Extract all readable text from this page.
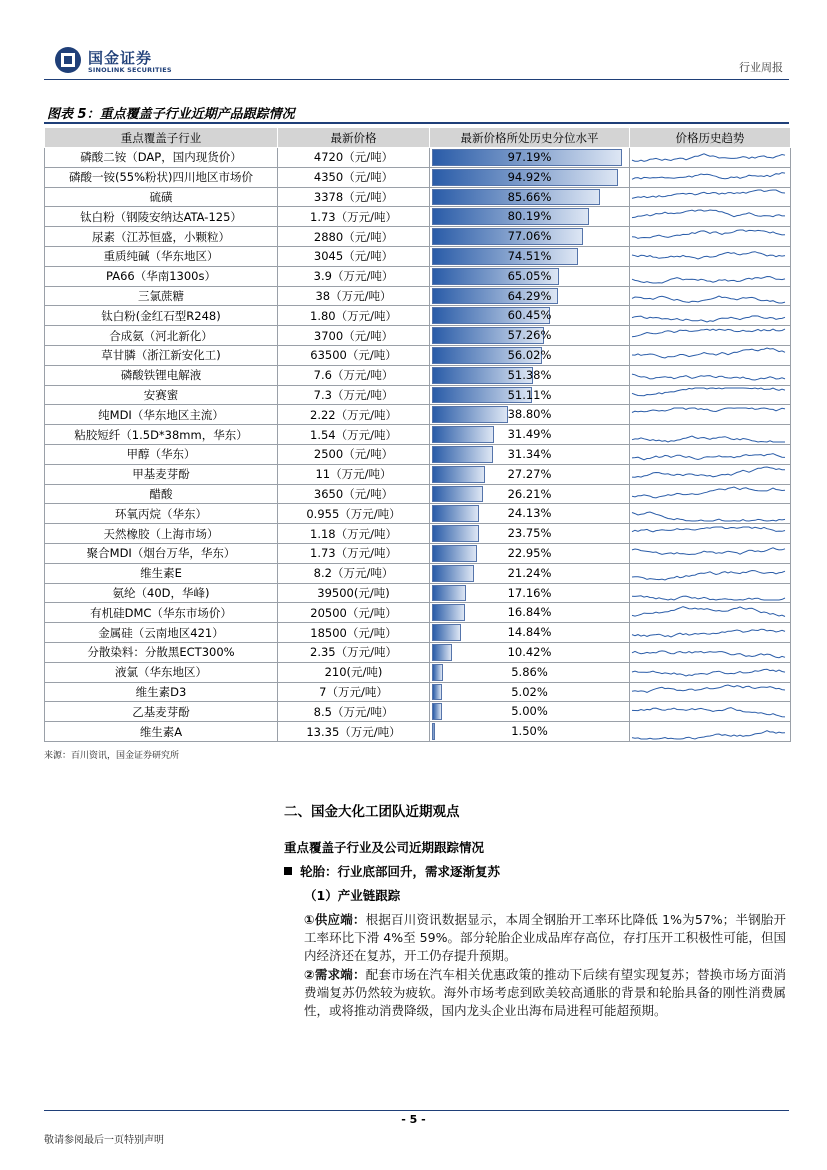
国金证券
SINOLINK SECURITIES	行业周报
图表 5：重点覆盖子行业近期产品跟踪情况
重点覆盖子行业	最新价格	最新价格所处历史分位水平	价格历史趋势
磷酸二铵（DAP，国内现货价）	4720（元/吨）	97.19%

磷酸一铵(55%粉状)四川地区市场价	4350（元/吨）	94.92%

硫磺	3378（元/吨）	85.66%

钛白粉（钢陵安纳达ATA-125）	1.73（万元/吨）	80.19%

尿素（江苏恒盛，小颗粒）	2880（元/吨）	77.06%

重质纯碱（华东地区）	3045（元/吨）	74.51%

PA66（华南1300s）	3.9（万元/吨）	65.05%

三氯蔗糖	38（万元/吨）	64.29%

钛白粉(金红石型R248)	1.80（万元/吨）	60.45%

合成氨（河北新化）	3700（元/吨）	57.26%

草甘膦（浙江新安化工)	63500（元/吨）	56.02%

磷酸铁锂电解液	7.6（万元/吨）	51.38%

安赛蜜	7.3（万元/吨）	51.11%

纯MDI（华东地区主流）	2.22（万元/吨）	38.80%

粘胶短纤（1.5D*38mm，华东）	1.54（万元/吨）	31.49%

甲醇（华东）	2500（元/吨）	31.34%

甲基麦芽酚	11（万元/吨）	27.27%

醋酸	3650（元/吨）	26.21%

环氧丙烷（华东）	0.955（万元/吨）	24.13%

天然橡胶（上海市场）	1.18（万元/吨）	23.75%

聚合MDI（烟台万华，华东）	1.73（万元/吨）	22.95%

维生素E	8.2（万元/吨）	21.24%

氨纶（40D，华峰)	39500(元/吨)	17.16%

有机硅DMC（华东市场价）	20500（元/吨）	16.84%

金属硅（云南地区421）	18500（元/吨）	14.84%

分散染料：分散黑ECT300%	2.35（万元/吨）	10.42%

液氯（华东地区）	210(元/吨)	5.86%

维生素D3	7（万元/吨）	5.02%

乙基麦芽酚	8.5（万元/吨）	5.00%

维生素A	13.35（万元/吨）	1.50%

来源：百川资讯，国金证券研究所
二、国金大化工团队近期观点
重点覆盖子行业及公司近期跟踪情况
轮胎：行业底部回升，需求逐渐复苏
（1）产业链跟踪
①供应端：根据百川资讯数据显示，本周全钢胎开工率环比降低 1%为57%；半钢胎开工率环比下滑 4%至 59%。部分轮胎企业成品库存高位，存打压开工积极性可能，但国内经济还在复苏，开工仍存提升预期。
②需求端：配套市场在汽车相关优惠政策的推动下后续有望实现复苏；替换市场方面消费端复苏仍然较为疲软。海外市场考虑到欧美较高通胀的背景和轮胎具备的刚性消费属性，或将推动消费降级，国内龙头企业出海布局进程可能超预期。
- 5 -
敬请参阅最后一页特别声明
